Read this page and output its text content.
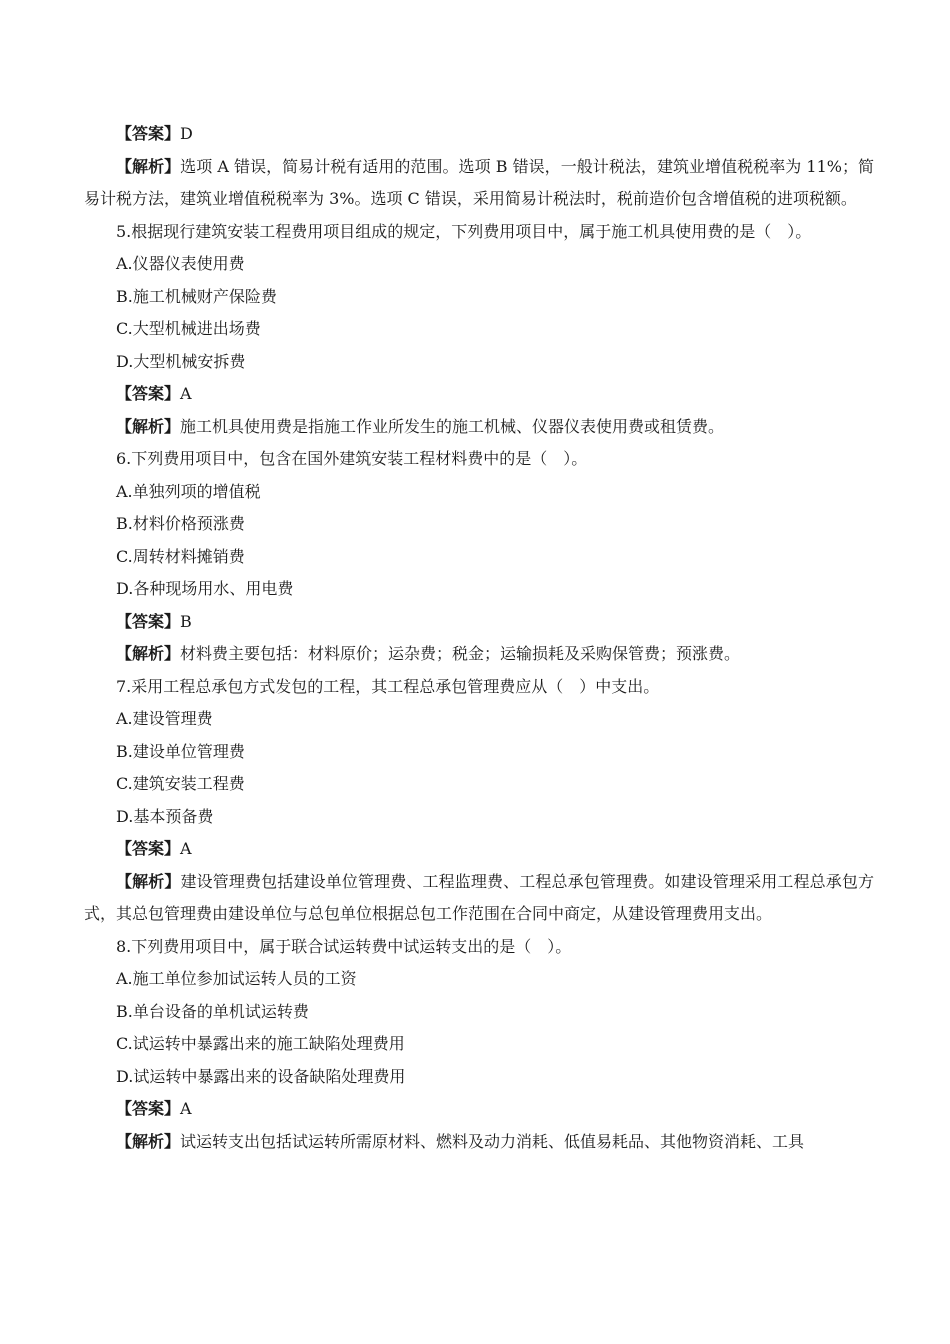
【答案】D
【解析】选项 A 错误，简易计税有适用的范围。选项 B 错误，一般计税法，建筑业增值税税率为 11%；简易计税方法，建筑业增值税税率为 3%。选项 C 错误，采用简易计税法时，税前造价包含增值税的进项税额。
5.根据现行建筑安装工程费用项目组成的规定，下列费用项目中，属于施工机具使用费的是（　）。
A.仪器仪表使用费
B.施工机械财产保险费
C.大型机械进出场费
D.大型机械安拆费
【答案】A
【解析】施工机具使用费是指施工作业所发生的施工机械、仪器仪表使用费或租赁费。
6.下列费用项目中，包含在国外建筑安装工程材料费中的是（　）。
A.单独列项的增值税
B.材料价格预涨费
C.周转材料摊销费
D.各种现场用水、用电费
【答案】B
【解析】材料费主要包括：材料原价；运杂费；税金；运输损耗及采购保管费；预涨费。
7.采用工程总承包方式发包的工程，其工程总承包管理费应从（　）中支出。
A.建设管理费
B.建设单位管理费
C.建筑安装工程费
D.基本预备费
【答案】A
【解析】建设管理费包括建设单位管理费、工程监理费、工程总承包管理费。如建设管理采用工程总承包方式，其总包管理费由建设单位与总包单位根据总包工作范围在合同中商定，从建设管理费用支出。
8.下列费用项目中，属于联合试运转费中试运转支出的是（　）。
A.施工单位参加试运转人员的工资
B.单台设备的单机试运转费
C.试运转中暴露出来的施工缺陷处理费用
D.试运转中暴露出来的设备缺陷处理费用
【答案】A
【解析】试运转支出包括试运转所需原材料、燃料及动力消耗、低值易耗品、其他物资消耗、工具
